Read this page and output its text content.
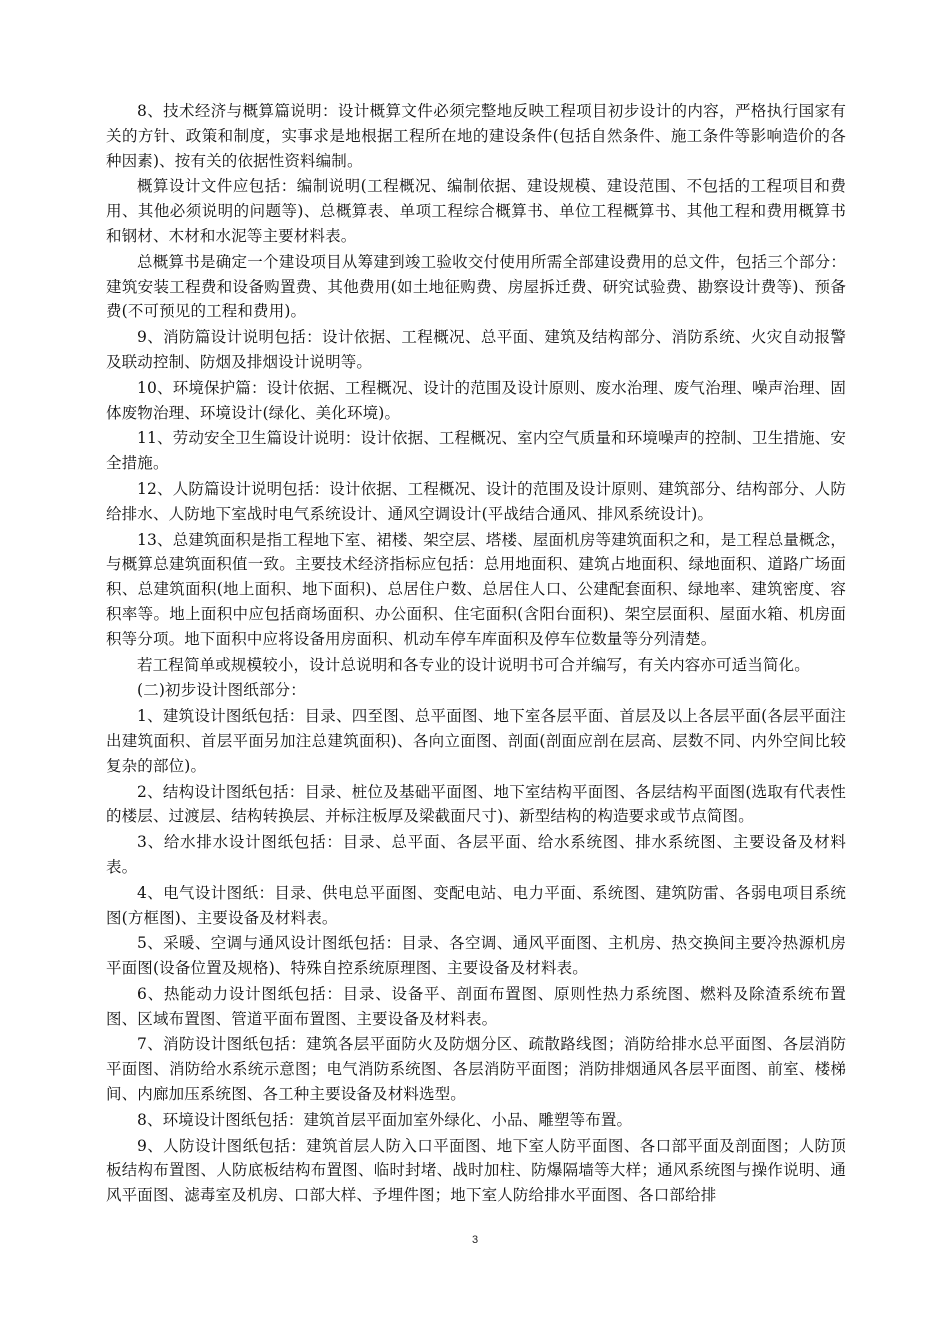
8、技术经济与概算篇说明：设计概算文件必须完整地反映工程项目初步设计的内容，严格执行国家有关的方针、政策和制度，实事求是地根据工程所在地的建设条件(包括自然条件、施工条件等影响造价的各种因素)、按有关的依据性资料编制。

概算设计文件应包括：编制说明(工程概况、编制依据、建设规模、建设范围、不包括的工程项目和费用、其他必须说明的问题等)、总概算表、单项工程综合概算书、单位工程概算书、其他工程和费用概算书和钢材、木材和水泥等主要材料表。

总概算书是确定一个建设项目从筹建到竣工验收交付使用所需全部建设费用的总文件，包括三个部分：建筑安装工程费和设备购置费、其他费用(如土地征购费、房屋拆迁费、研究试验费、勘察设计费等)、预备费(不可预见的工程和费用)。

9、消防篇设计说明包括：设计依据、工程概况、总平面、建筑及结构部分、消防系统、火灾自动报警及联动控制、防烟及排烟设计说明等。

10、环境保护篇：设计依据、工程概况、设计的范围及设计原则、废水治理、废气治理、噪声治理、固体废物治理、环境设计(绿化、美化环境)。

11、劳动安全卫生篇设计说明：设计依据、工程概况、室内空气质量和环境噪声的控制、卫生措施、安全措施。

12、人防篇设计说明包括：设计依据、工程概况、设计的范围及设计原则、建筑部分、结构部分、人防给排水、人防地下室战时电气系统设计、通风空调设计(平战结合通风、排风系统设计)。

13、总建筑面积是指工程地下室、裙楼、架空层、塔楼、屋面机房等建筑面积之和，是工程总量概念，与概算总建筑面积值一致。主要技术经济指标应包括：总用地面积、建筑占地面积、绿地面积、道路广场面积、总建筑面积(地上面积、地下面积)、总居住户数、总居住人口、公建配套面积、绿地率、建筑密度、容积率等。地上面积中应包括商场面积、办公面积、住宅面积(含阳台面积)、架空层面积、屋面水箱、机房面积等分项。地下面积中应将设备用房面积、机动车停车库面积及停车位数量等分列清楚。

若工程简单或规模较小，设计总说明和各专业的设计说明书可合并编写，有关内容亦可适当简化。

(二)初步设计图纸部分：

1、建筑设计图纸包括：目录、四至图、总平面图、地下室各层平面、首层及以上各层平面(各层平面注出建筑面积、首层平面另加注总建筑面积)、各向立面图、剖面(剖面应剖在层高、层数不同、内外空间比较复杂的部位)。

2、结构设计图纸包括：目录、桩位及基础平面图、地下室结构平面图、各层结构平面图(选取有代表性的楼层、过渡层、结构转换层、并标注板厚及梁截面尺寸)、新型结构的构造要求或节点简图。

3、给水排水设计图纸包括：目录、总平面、各层平面、给水系统图、排水系统图、主要设备及材料表。

4、电气设计图纸：目录、供电总平面图、变配电站、电力平面、系统图、建筑防雷、各弱电项目系统图(方框图)、主要设备及材料表。

5、采暖、空调与通风设计图纸包括：目录、各空调、通风平面图、主机房、热交换间主要冷热源机房平面图(设备位置及规格)、特殊自控系统原理图、主要设备及材料表。

6、热能动力设计图纸包括：目录、设备平、剖面布置图、原则性热力系统图、燃料及除渣系统布置图、区域布置图、管道平面布置图、主要设备及材料表。

7、消防设计图纸包括：建筑各层平面防火及防烟分区、疏散路线图；消防给排水总平面图、各层消防平面图、消防给水系统示意图；电气消防系统图、各层消防平面图；消防排烟通风各层平面图、前室、楼梯间、内廊加压系统图、各工种主要设备及材料选型。

8、环境设计图纸包括：建筑首层平面加室外绿化、小品、雕塑等布置。

9、人防设计图纸包括：建筑首层人防入口平面图、地下室人防平面图、各口部平面及剖面图；人防顶板结构布置图、人防底板结构布置图、临时封堵、战时加柱、防爆隔墙等大样；通风系统图与操作说明、通风平面图、滤毒室及机房、口部大样、予埋件图；地下室人防给排水平面图、各口部给排

3
